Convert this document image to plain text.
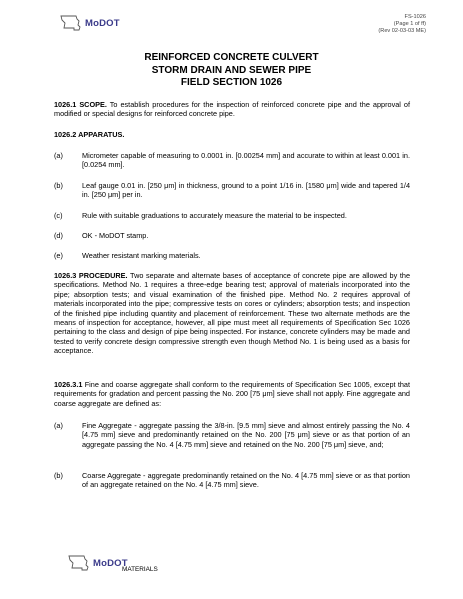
MoDOT
FS-1026
(Page 1 of ff)
(Rev 02-03-03 ME)
REINFORCED CONCRETE CULVERT
STORM DRAIN AND SEWER PIPE
FIELD SECTION 1026
1026.1 SCOPE. To establish procedures for the inspection of reinforced concrete pipe and the approval of modified or special designs for reinforced concrete pipe.
1026.2 APPARATUS.
(a)	Micrometer capable of measuring to 0.0001 in. [0.00254 mm] and accurate to within at least 0.001 in. [0.0254 mm].
(b)	Leaf gauge 0.01 in. [250 μm] in thickness, ground to a point 1/16 in. [1580 μm] wide and tapered 1/4 in. [250 μm] per in.
(c)	Rule with suitable graduations to accurately measure the material to be inspected.
(d)	OK - MoDOT stamp.
(e)	Weather resistant marking materials.
1026.3 PROCEDURE. Two separate and alternate bases of acceptance of concrete pipe are allowed by the specifications. Method No. 1 requires a three-edge bearing test; approval of materials incorporated into the pipe; absorption tests; and visual examination of the finished pipe. Method No. 2 requires approval of materials incorporated into the pipe; compressive tests on cores or cylinders; absorption tests; and inspection of the finished pipe including quantity and placement of reinforcement. These two alternate methods are the means of inspection for acceptance, however, all pipe must meet all requirements of Specification Sec 1026 pertaining to the class and design of pipe being inspected. For instance, concrete cylinders may be made and tested to verify concrete design compressive strength even though Method No. 1 is being used as a basis for acceptance.
1026.3.1 Fine and coarse aggregate shall conform to the requirements of Specification Sec 1005, except that requirements for gradation and percent passing the No. 200 [75 μm] sieve shall not apply. Fine aggregate and coarse aggregate are defined as:
(a)	Fine Aggregate - aggregate passing the 3/8-in. [9.5 mm] sieve and almost entirely passing the No. 4 [4.75 mm] sieve and predominantly retained on the No. 200 [75 μm] sieve or as that portion of an aggregate passing the No. 4 [4.75 mm] sieve and retained on the No. 200 [75 μm] sieve, and;
(b)	Coarse Aggregate - aggregate predominantly retained on the No. 4 [4.75 mm] sieve or as that portion of an aggregate retained on the No. 4 [4.75 mm] sieve.
MoDOT
MATERIALS
